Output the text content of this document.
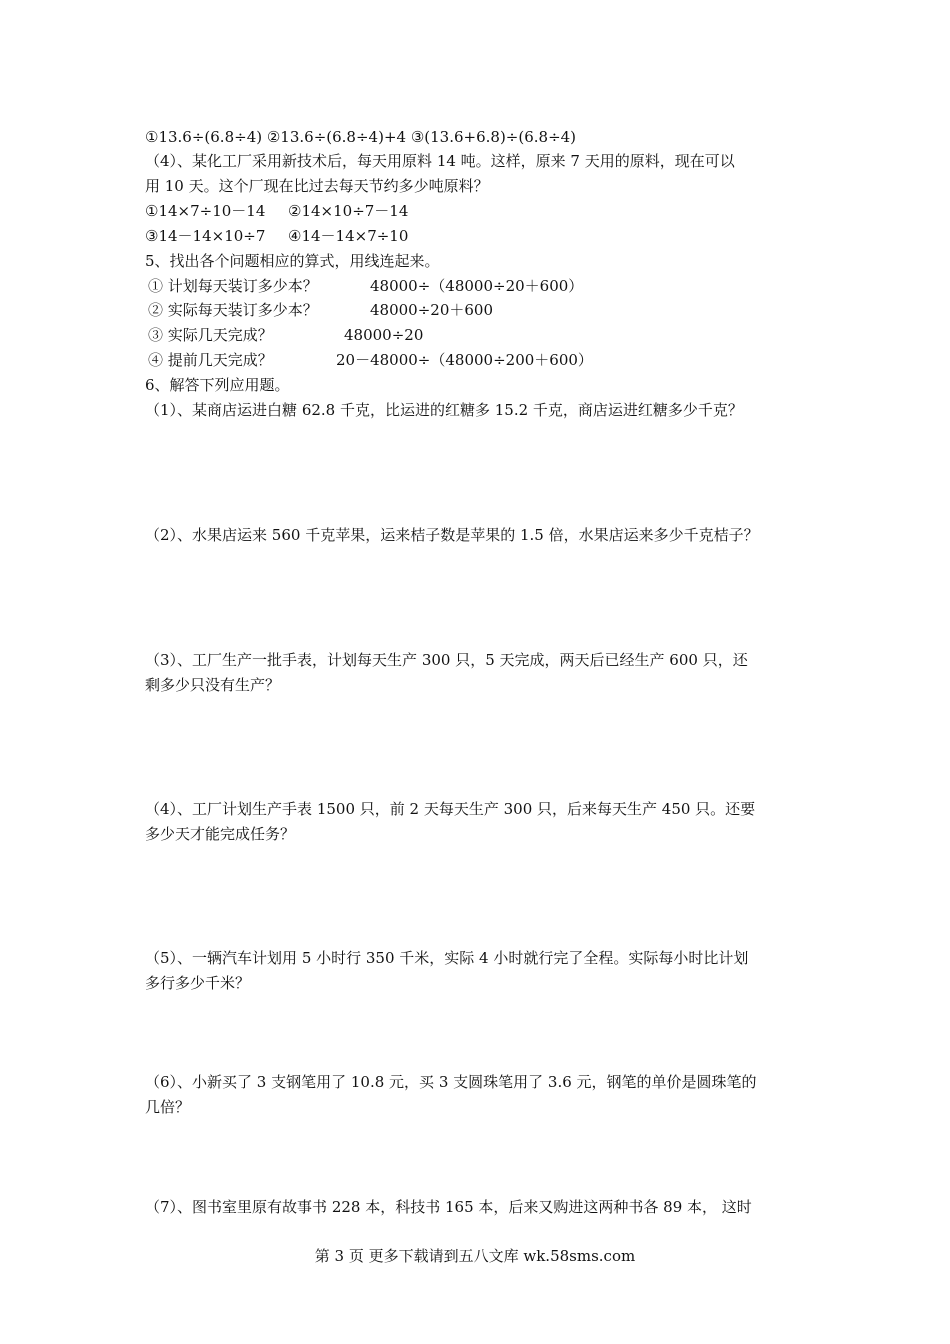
①13.6÷(6.8÷4) ②13.6÷(6.8÷4)+4 ③(13.6+6.8)÷(6.8÷4)
（4）、某化工厂采用新技术后，每天用原料 14 吨。这样，原来 7 天用的原料，现在可以
用 10 天。这个厂现在比过去每天节约多少吨原料？
①14×7÷10－14 ②14×10÷7－14
③14－14×10÷7 ④14－14×7÷10
5、找出各个问题相应的算式，用线连起来。
① 计划每天装订多少本？	48000÷（48000÷20＋600）
② 实际每天装订多少本？	48000÷20＋600
③ 实际几天完成？	48000÷20
④ 提前几天完成？	20－48000÷（48000÷200＋600）
6、解答下列应用题。
（1）、某商店运进白糖 62.8 千克，比运进的红糖多 15.2 千克，商店运进红糖多少千克？
（2）、水果店运来 560 千克苹果，运来桔子数是苹果的 1.5 倍，水果店运来多少千克桔子？
（3）、工厂生产一批手表，计划每天生产 300 只，5 天完成，两天后已经生产 600 只，还
剩多少只没有生产？
（4）、工厂计划生产手表 1500 只，前 2 天每天生产 300 只，后来每天生产 450 只。还要
多少天才能完成任务？
（5）、一辆汽车计划用 5 小时行 350 千米，实际 4 小时就行完了全程。实际每小时比计划
多行多少千米？
（6）、小新买了 3 支钢笔用了 10.8 元，买 3 支圆珠笔用了 3.6 元，钢笔的单价是圆珠笔的
几倍？
（7）、图书室里原有故事书 228 本，科技书 165 本，后来又购进这两种书各 89 本， 这时
第 3 页 更多下载请到五八文库 wk.58sms.com
